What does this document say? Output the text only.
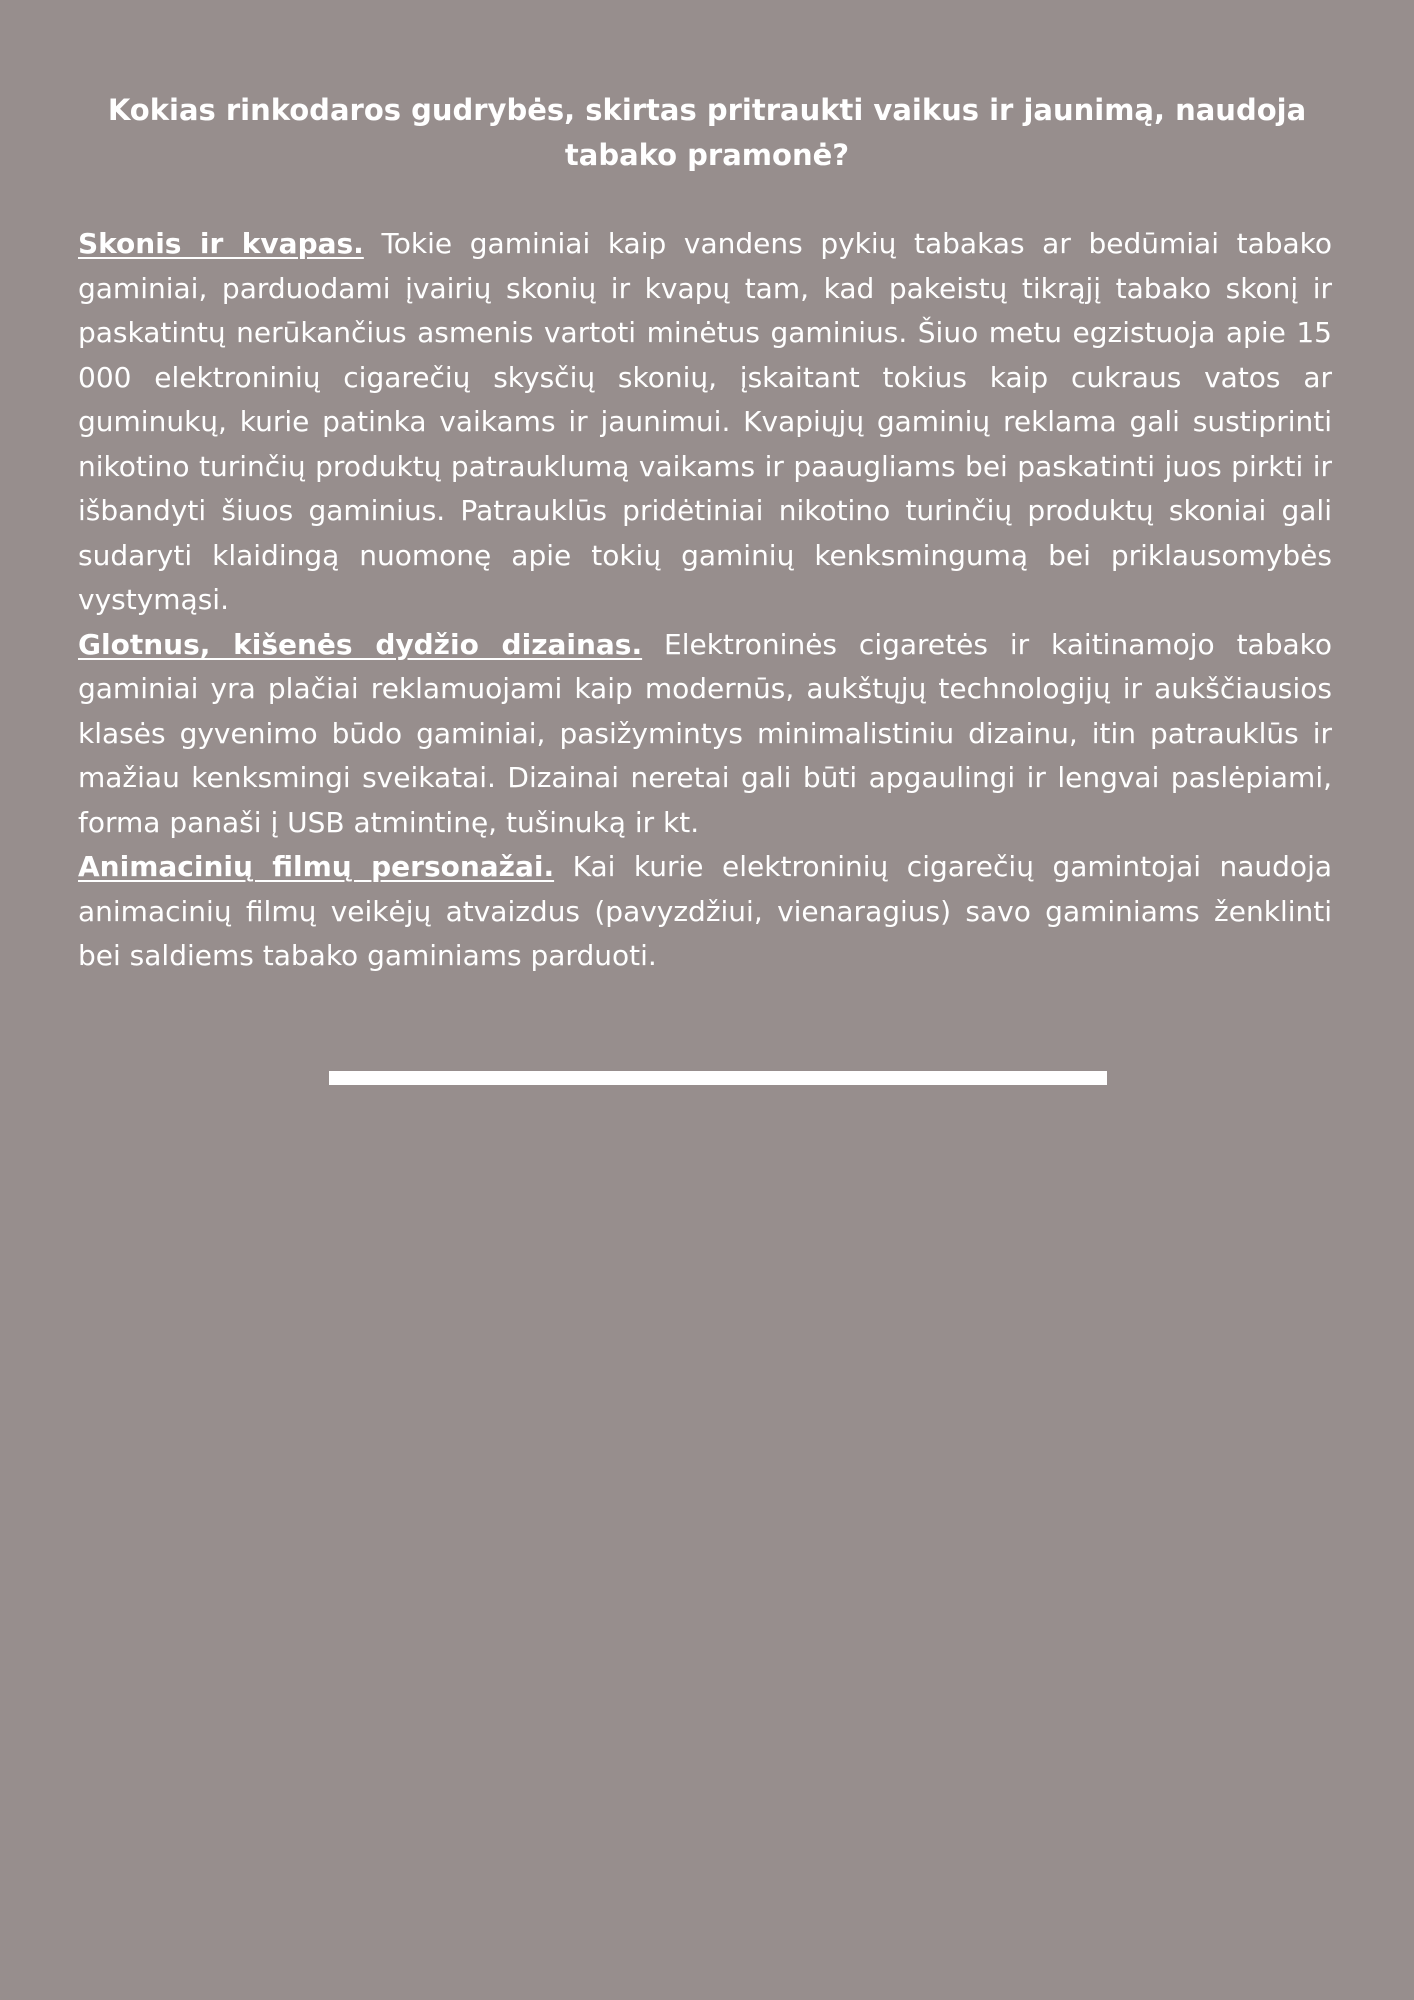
Kokias rinkodaros gudrybės, skirtas pritraukti vaikus ir jaunimą, naudoja tabako pramonė?

Skonis ir kvapas. Tokie gaminiai kaip vandens pykių tabakas ar bedūmiai tabako gaminiai, parduodami įvairių skonių ir kvapų tam, kad pakeistų tikrąjį tabako skonį ir paskatintų nerūkančius asmenis vartoti minėtus gaminius. Šiuo metu egzistuoja apie 15 000 elektroninių cigarečių skysčių skonių, įskaitant tokius kaip cukraus vatos ar guminukų, kurie patinka vaikams ir jaunimui. Kvapiųjų gaminių reklama gali sustiprinti nikotino turinčių produktų patrauklumą vaikams ir paaugliams bei paskatinti juos pirkti ir išbandyti šiuos gaminius. Patrauklūs pridėtiniai nikotino turinčių produktų skoniai gali sudaryti klaidingą nuomonę apie tokių gaminių kenksmingumą bei priklausomybės vystymąsi.

Glotnus, kišenės dydžio dizainas. Elektroninės cigaretės ir kaitinamojo tabako gaminiai yra plačiai reklamuojami kaip modernūs, aukštųjų technologijų ir aukščiausios klasės gyvenimo būdo gaminiai, pasižymintys minimalistiniu dizainu, itin patrauklūs ir mažiau kenksmingi sveikatai. Dizainai neretai gali būti apgaulingi ir lengvai paslėpiami, forma panaši į USB atmintinę, tušinuką ir kt.

Animacinių filmų personažai. Kai kurie elektroninių cigarečių gamintojai naudoja animacinių filmų veikėjų atvaizdus (pavyzdžiui, vienaragius) savo gaminiams ženklinti bei saldiems tabako gaminiams parduoti.
